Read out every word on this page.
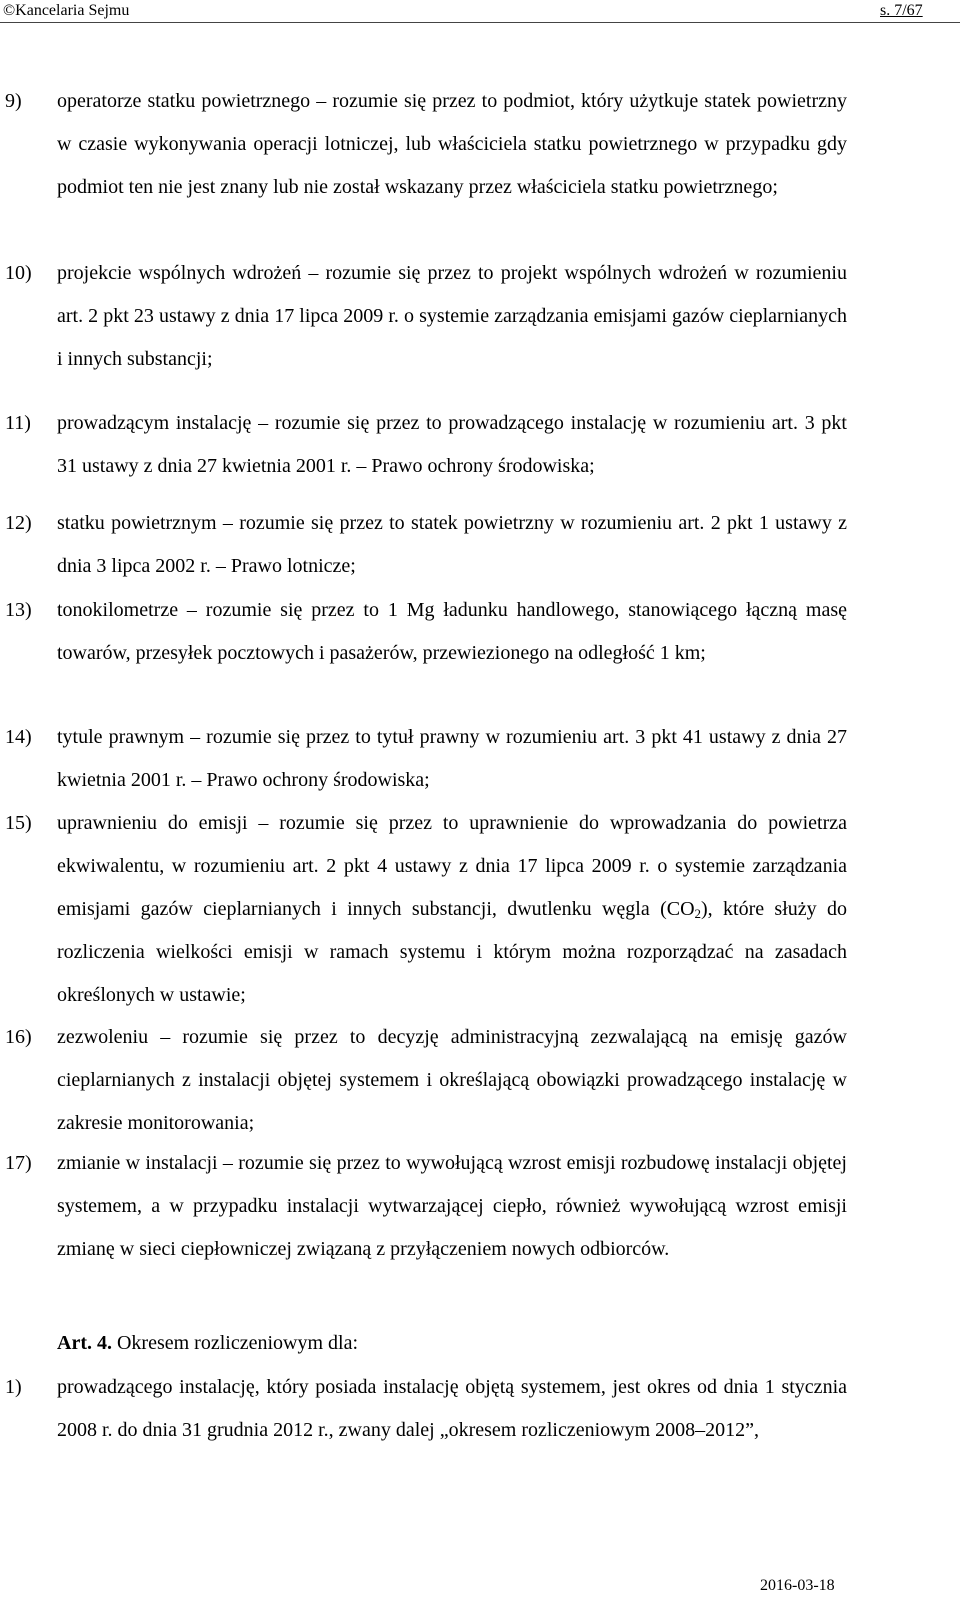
©Kancelaria Sejmu	s. 7/67
9) operatorze statku powietrznego – rozumie się przez to podmiot, który użytkuje statek powietrzny w czasie wykonywania operacji lotniczej, lub właściciela statku powietrznego w przypadku gdy podmiot ten nie jest znany lub nie został wskazany przez właściciela statku powietrznego;
10) projekcie wspólnych wdrożeń – rozumie się przez to projekt wspólnych wdrożeń w rozumieniu art. 2 pkt 23 ustawy z dnia 17 lipca 2009 r. o systemie zarządzania emisjami gazów cieplarnianych i innych substancji;
11) prowadzącym instalację – rozumie się przez to prowadzącego instalację w rozumieniu art. 3 pkt 31 ustawy z dnia 27 kwietnia 2001 r. – Prawo ochrony środowiska;
12) statku powietrznym – rozumie się przez to statek powietrzny w rozumieniu art. 2 pkt 1 ustawy z dnia 3 lipca 2002 r. – Prawo lotnicze;
13) tonokilometrze – rozumie się przez to 1 Mg ładunku handlowego, stanowiącego łączną masę towarów, przesyłek pocztowych i pasażerów, przewiezionego na odległość 1 km;
14) tytule prawnym – rozumie się przez to tytuł prawny w rozumieniu art. 3 pkt 41 ustawy z dnia 27 kwietnia 2001 r. – Prawo ochrony środowiska;
15) uprawnieniu do emisji – rozumie się przez to uprawnienie do wprowadzania do powietrza ekwiwalentu, w rozumieniu art. 2 pkt 4 ustawy z dnia 17 lipca 2009 r. o systemie zarządzania emisjami gazów cieplarnianych i innych substancji, dwutlenku węgla $(CO_2)$, które służy do rozliczenia wielkości emisji w ramach systemu i którym można rozporządzać na zasadach określonych w ustawie;
16) zezwoleniu – rozumie się przez to decyzję administracyjną zezwalającą na emisję gazów cieplarnianych z instalacji objętej systemem i określającą obowiązki prowadzącego instalację w zakresie monitorowania;
17) zmianie w instalacji – rozumie się przez to wywołującą wzrost emisji rozbudowę instalacji objętej systemem, a w przypadku instalacji wytwarzającej ciepło, również wywołującą wzrost emisji zmianę w sieci ciepłowniczej związaną z przyłączeniem nowych odbiorców.
Art. 4. Okresem rozliczeniowym dla:
1) prowadzącego instalację, który posiada instalację objętą systemem, jest okres od dnia 1 stycznia 2008 r. do dnia 31 grudnia 2012 r., zwany dalej „okresem rozliczeniowym 2008–2012”,
2016-03-18
